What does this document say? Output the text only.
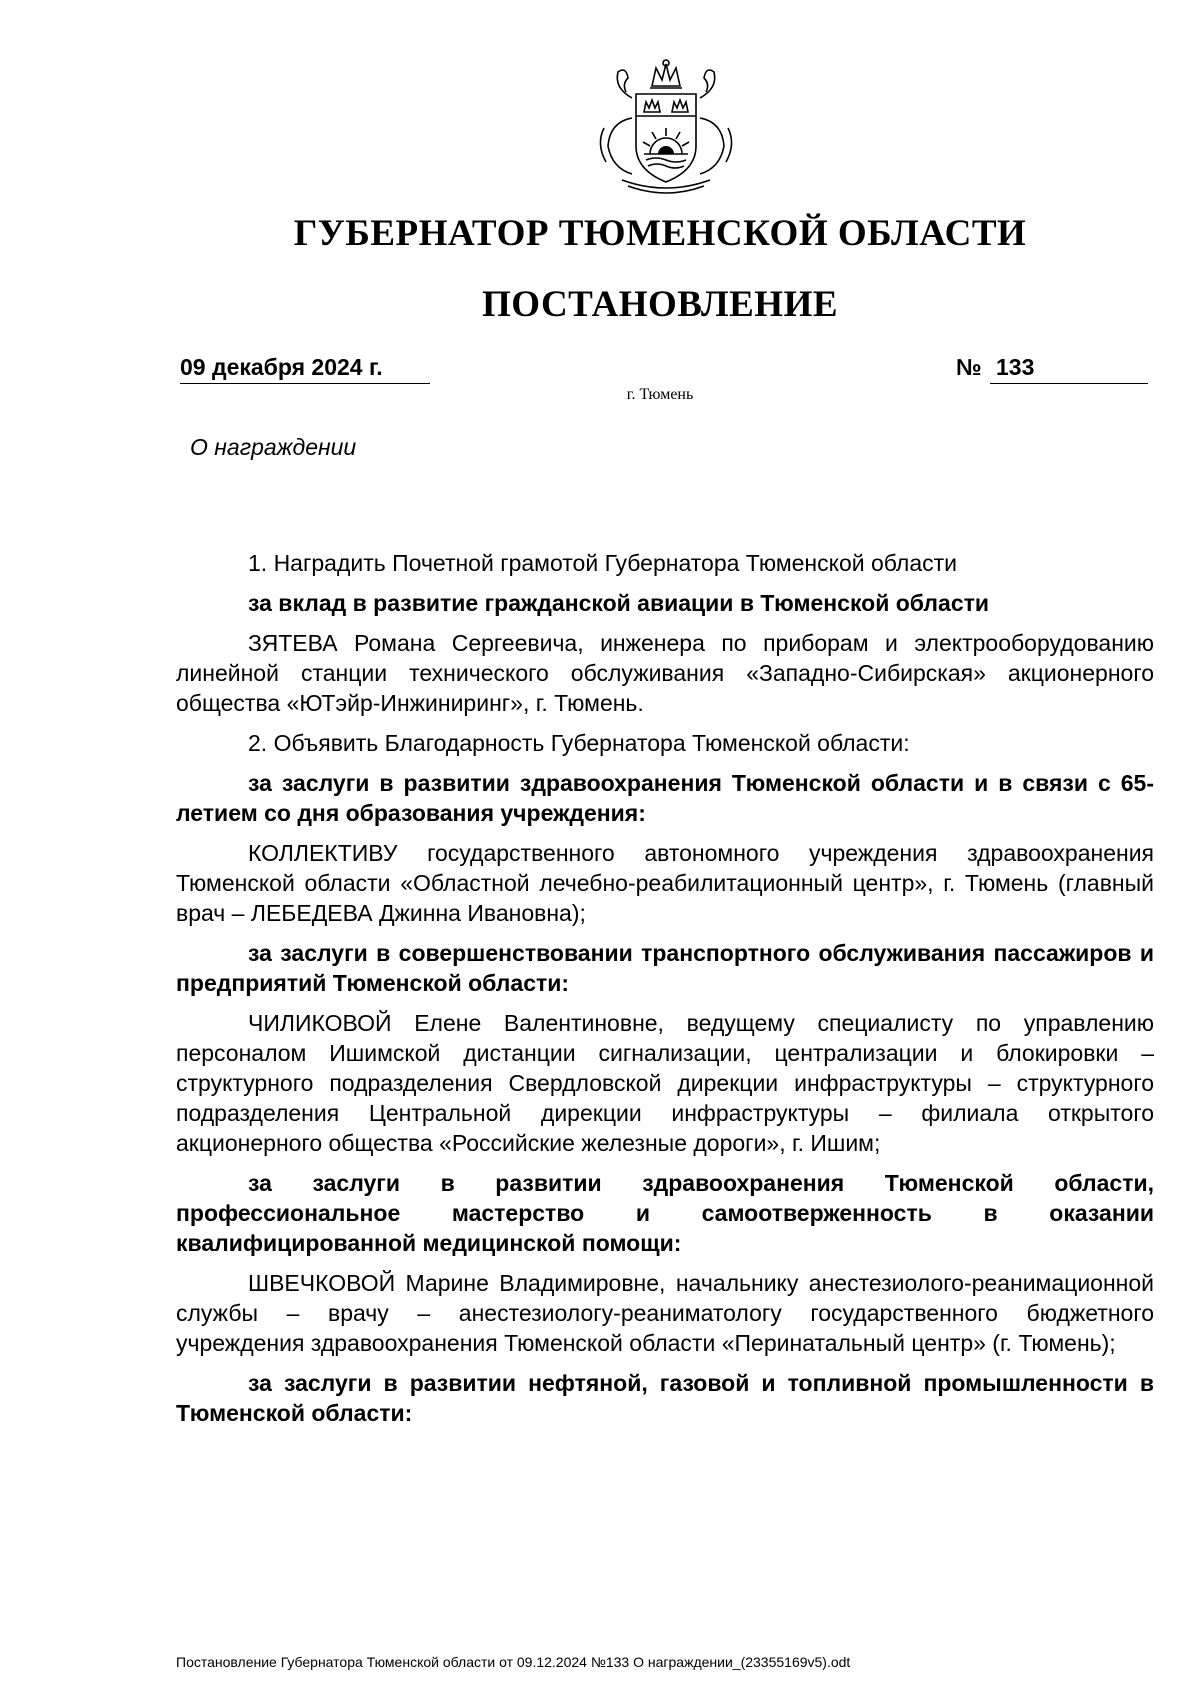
ГУБЕРНАТОР ТЮМЕНСКОЙ ОБЛАСТИ
ПОСТАНОВЛЕНИЕ
09 декабря 2024 г.	№ 133
г. Тюмень
О награждении

1. Наградить Почетной грамотой Губернатора Тюменской области

за вклад в развитие гражданской авиации в Тюменской области

ЗЯТЕВА Романа Сергеевича, инженера по приборам и электрооборудованию линейной станции технического обслуживания «Западно-Сибирская» акционерного общества «ЮТэйр-Инжиниринг», г. Тюмень.

2. Объявить Благодарность Губернатора Тюменской области:

за заслуги в развитии здравоохранения Тюменской области и в связи с 65-летием со дня образования учреждения:

КОЛЛЕКТИВУ государственного автономного учреждения здравоохранения Тюменской области «Областной лечебно-реабилитационный центр», г. Тюмень (главный врач – ЛЕБЕДЕВА Джинна Ивановна);

за заслуги в совершенствовании транспортного обслуживания пассажиров и предприятий Тюменской области:

ЧИЛИКОВОЙ Елене Валентиновне, ведущему специалисту по управлению персоналом Ишимской дистанции сигнализации, централизации и блокировки – структурного подразделения Свердловской дирекции инфраструктуры – структурного подразделения Центральной дирекции инфраструктуры – филиала открытого акционерного общества «Российские железные дороги», г. Ишим;

за заслуги в развитии здравоохранения Тюменской области, профессиональное мастерство и самоотверженность в оказании квалифицированной медицинской помощи:

ШВЕЧКОВОЙ Марине Владимировне, начальнику анестезиолого-реанимационной службы – врачу – анестезиологу-реаниматологу государственного бюджетного учреждения здравоохранения Тюменской области «Перинатальный центр» (г. Тюмень);

за заслуги в развитии нефтяной, газовой и топливной промышленности в Тюменской области:

Постановление Губернатора Тюменской области от 09.12.2024 №133 О награждении_(23355169v5).odt
